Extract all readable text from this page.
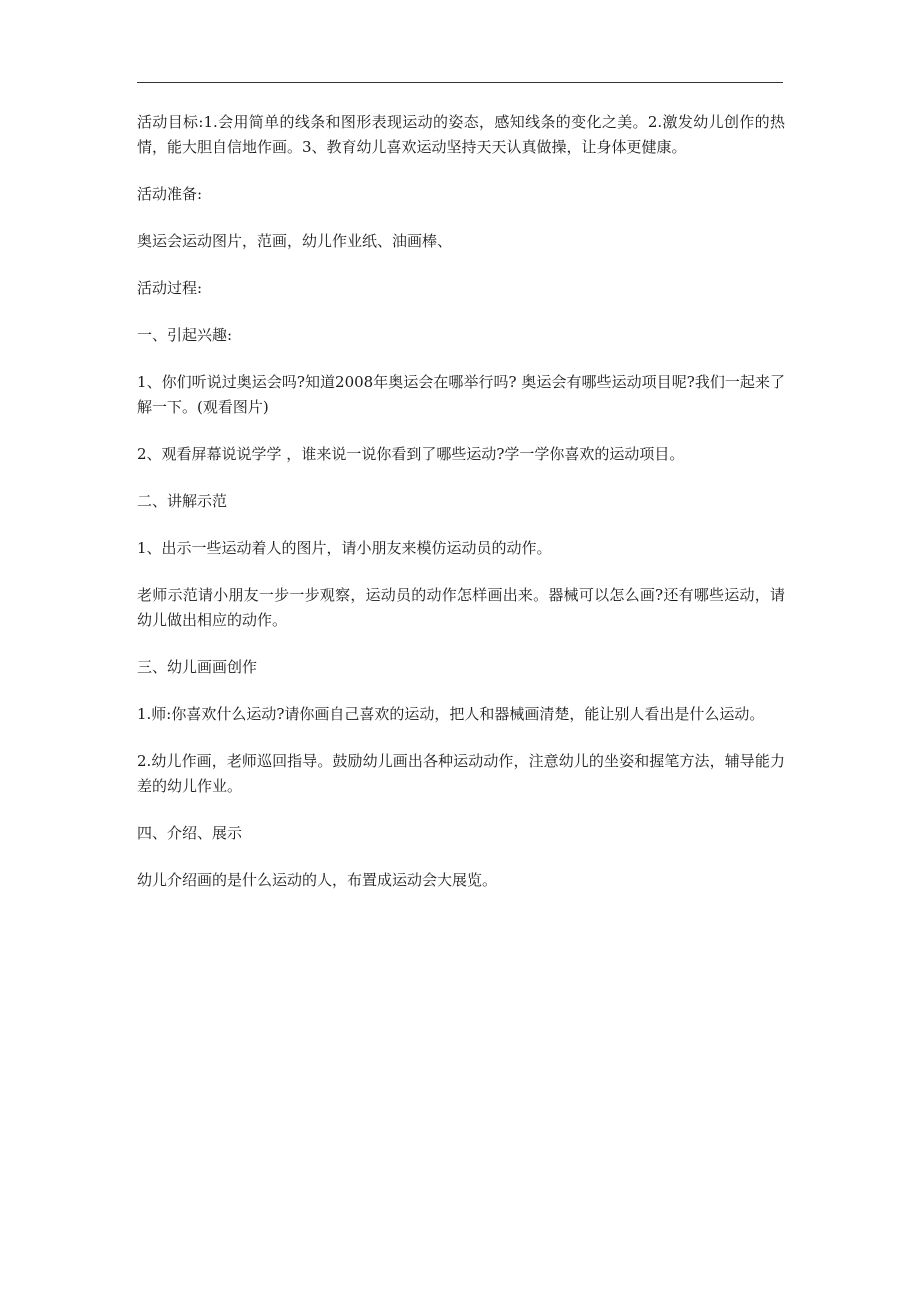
活动目标:1.会用简单的线条和图形表现运动的姿态，感知线条的变化之美。2.激发幼儿创作的热情，能大胆自信地作画。3、教育幼儿喜欢运动坚持天天认真做操，让身体更健康。

活动准备:

奥运会运动图片，范画，幼儿作业纸、油画棒、

活动过程:

一、引起兴趣:

1、你们听说过奥运会吗?知道2008年奥运会在哪举行吗? 奥运会有哪些运动项目呢?我们一起来了解一下。(观看图片)

2、观看屏幕说说学学 ，谁来说一说你看到了哪些运动?学一学你喜欢的运动项目。

二、讲解示范

1、出示一些运动着人的图片，请小朋友来模仿运动员的动作。

老师示范请小朋友一步一步观察，运动员的动作怎样画出来。器械可以怎么画?还有哪些运动，请幼儿做出相应的动作。

三、幼儿画画创作

1.师:你喜欢什么运动?请你画自己喜欢的运动，把人和器械画清楚，能让别人看出是什么运动。

2.幼儿作画，老师巡回指导。鼓励幼儿画出各种运动动作，注意幼儿的坐姿和握笔方法，辅导能力差的幼儿作业。

四、介绍、展示

幼儿介绍画的是什么运动的人，布置成运动会大展览。
